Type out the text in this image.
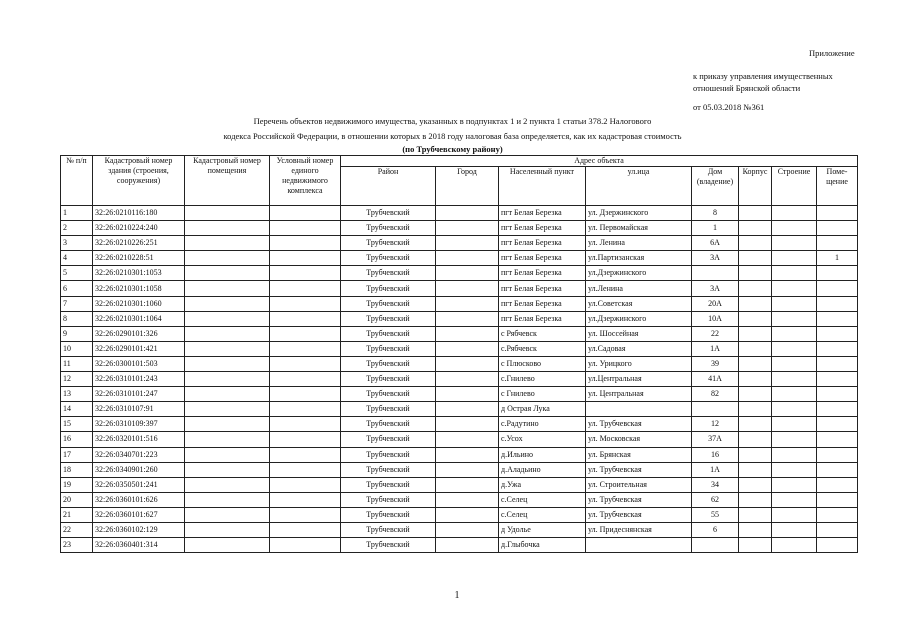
Приложение
к приказу управления имущественных
отношений Брянской области
от 05.03.2018 №361
Перечень объектов недвижимого имущества, указанных в подпунктах 1 и 2 пункта 1 статьи 378.2 Налогового
кодекса Российской Федерации, в отношении которых в 2018 году налоговая база определяется, как их кадастровая стоимость
(по Трубчевскому району)
№ п/п	Кадастровый номер здания (строения, сооружения)	Кадастровый номер помещения	Условный номер единого недвижимого комплекса	Адрес объекта							
				Район	Город	Населенный пункт	ул.ица	Дом (владение)	Корпус	Строение	Поме-щение
1	32:26:0210116:180			Трубчевский		пгт Белая Березка	ул. Дзержинского	8			
2	32:26:0210224:240			Трубчевский		пгт Белая Березка	ул. Первомайская	1			
3	32:26:0210226:251			Трубчевский		пгт Белая Березка	ул. Ленина	6А			
4	32:26:0210228:51			Трубчевский		пгт Белая Березка	ул.Партизанская	3А			1
5	32:26:0210301:1053			Трубчевский		пгт Белая Березка	ул.Дзержинского				
6	32:26:0210301:1058			Трубчевский		пгт Белая Березка	ул.Ленина	3А			
7	32:26:0210301:1060			Трубчевский		пгт Белая Березка	ул.Советская	20А			
8	32:26:0210301:1064			Трубчевский		пгт Белая Березка	ул.Дзержинского	10А			
9	32:26:0290101:326			Трубчевский		с Рябчевск	ул. Шоссейная	22			
10	32:26:0290101:421			Трубчевский		с.Рябчевск	ул.Садовая	1А			
11	32:26:0300101:503			Трубчевский		с Плюсково	ул. Урицкого	39			
12	32:26:0310101:243			Трубчевский		с.Гнилево	ул.Центральная	41А			
13	32:26:0310101:247			Трубчевский		с Гнилево	ул. Центральная	82			
14	32:26:0310107:91			Трубчевский		д Острая Лука					
15	32:26:0310109:397			Трубчевский		с.Радутино	ул. Трубчевская	12			
16	32:26:0320101:516			Трубчевский		с.Усох	ул. Московская	37А			
17	32:26:0340701:223			Трубчевский		д.Ильино	ул. Брянская	16			
18	32:26:0340901:260			Трубчевский		д.Аладьино	ул. Трубчевская	1А			
19	32:26:0350501:241			Трубчевский		д.Ужа	ул. Строительная	34			
20	32:26:0360101:626			Трубчевский		с.Селец	ул. Трубчевская	62			
21	32:26:0360101:627			Трубчевский		с.Селец	ул. Трубчевская	55			
22	32:26:0360102:129			Трубчевский		д Удолье	ул. Придеснянская	6			
23	32:26:0360401:314			Трубчевский		д.Глыбочка					
1
